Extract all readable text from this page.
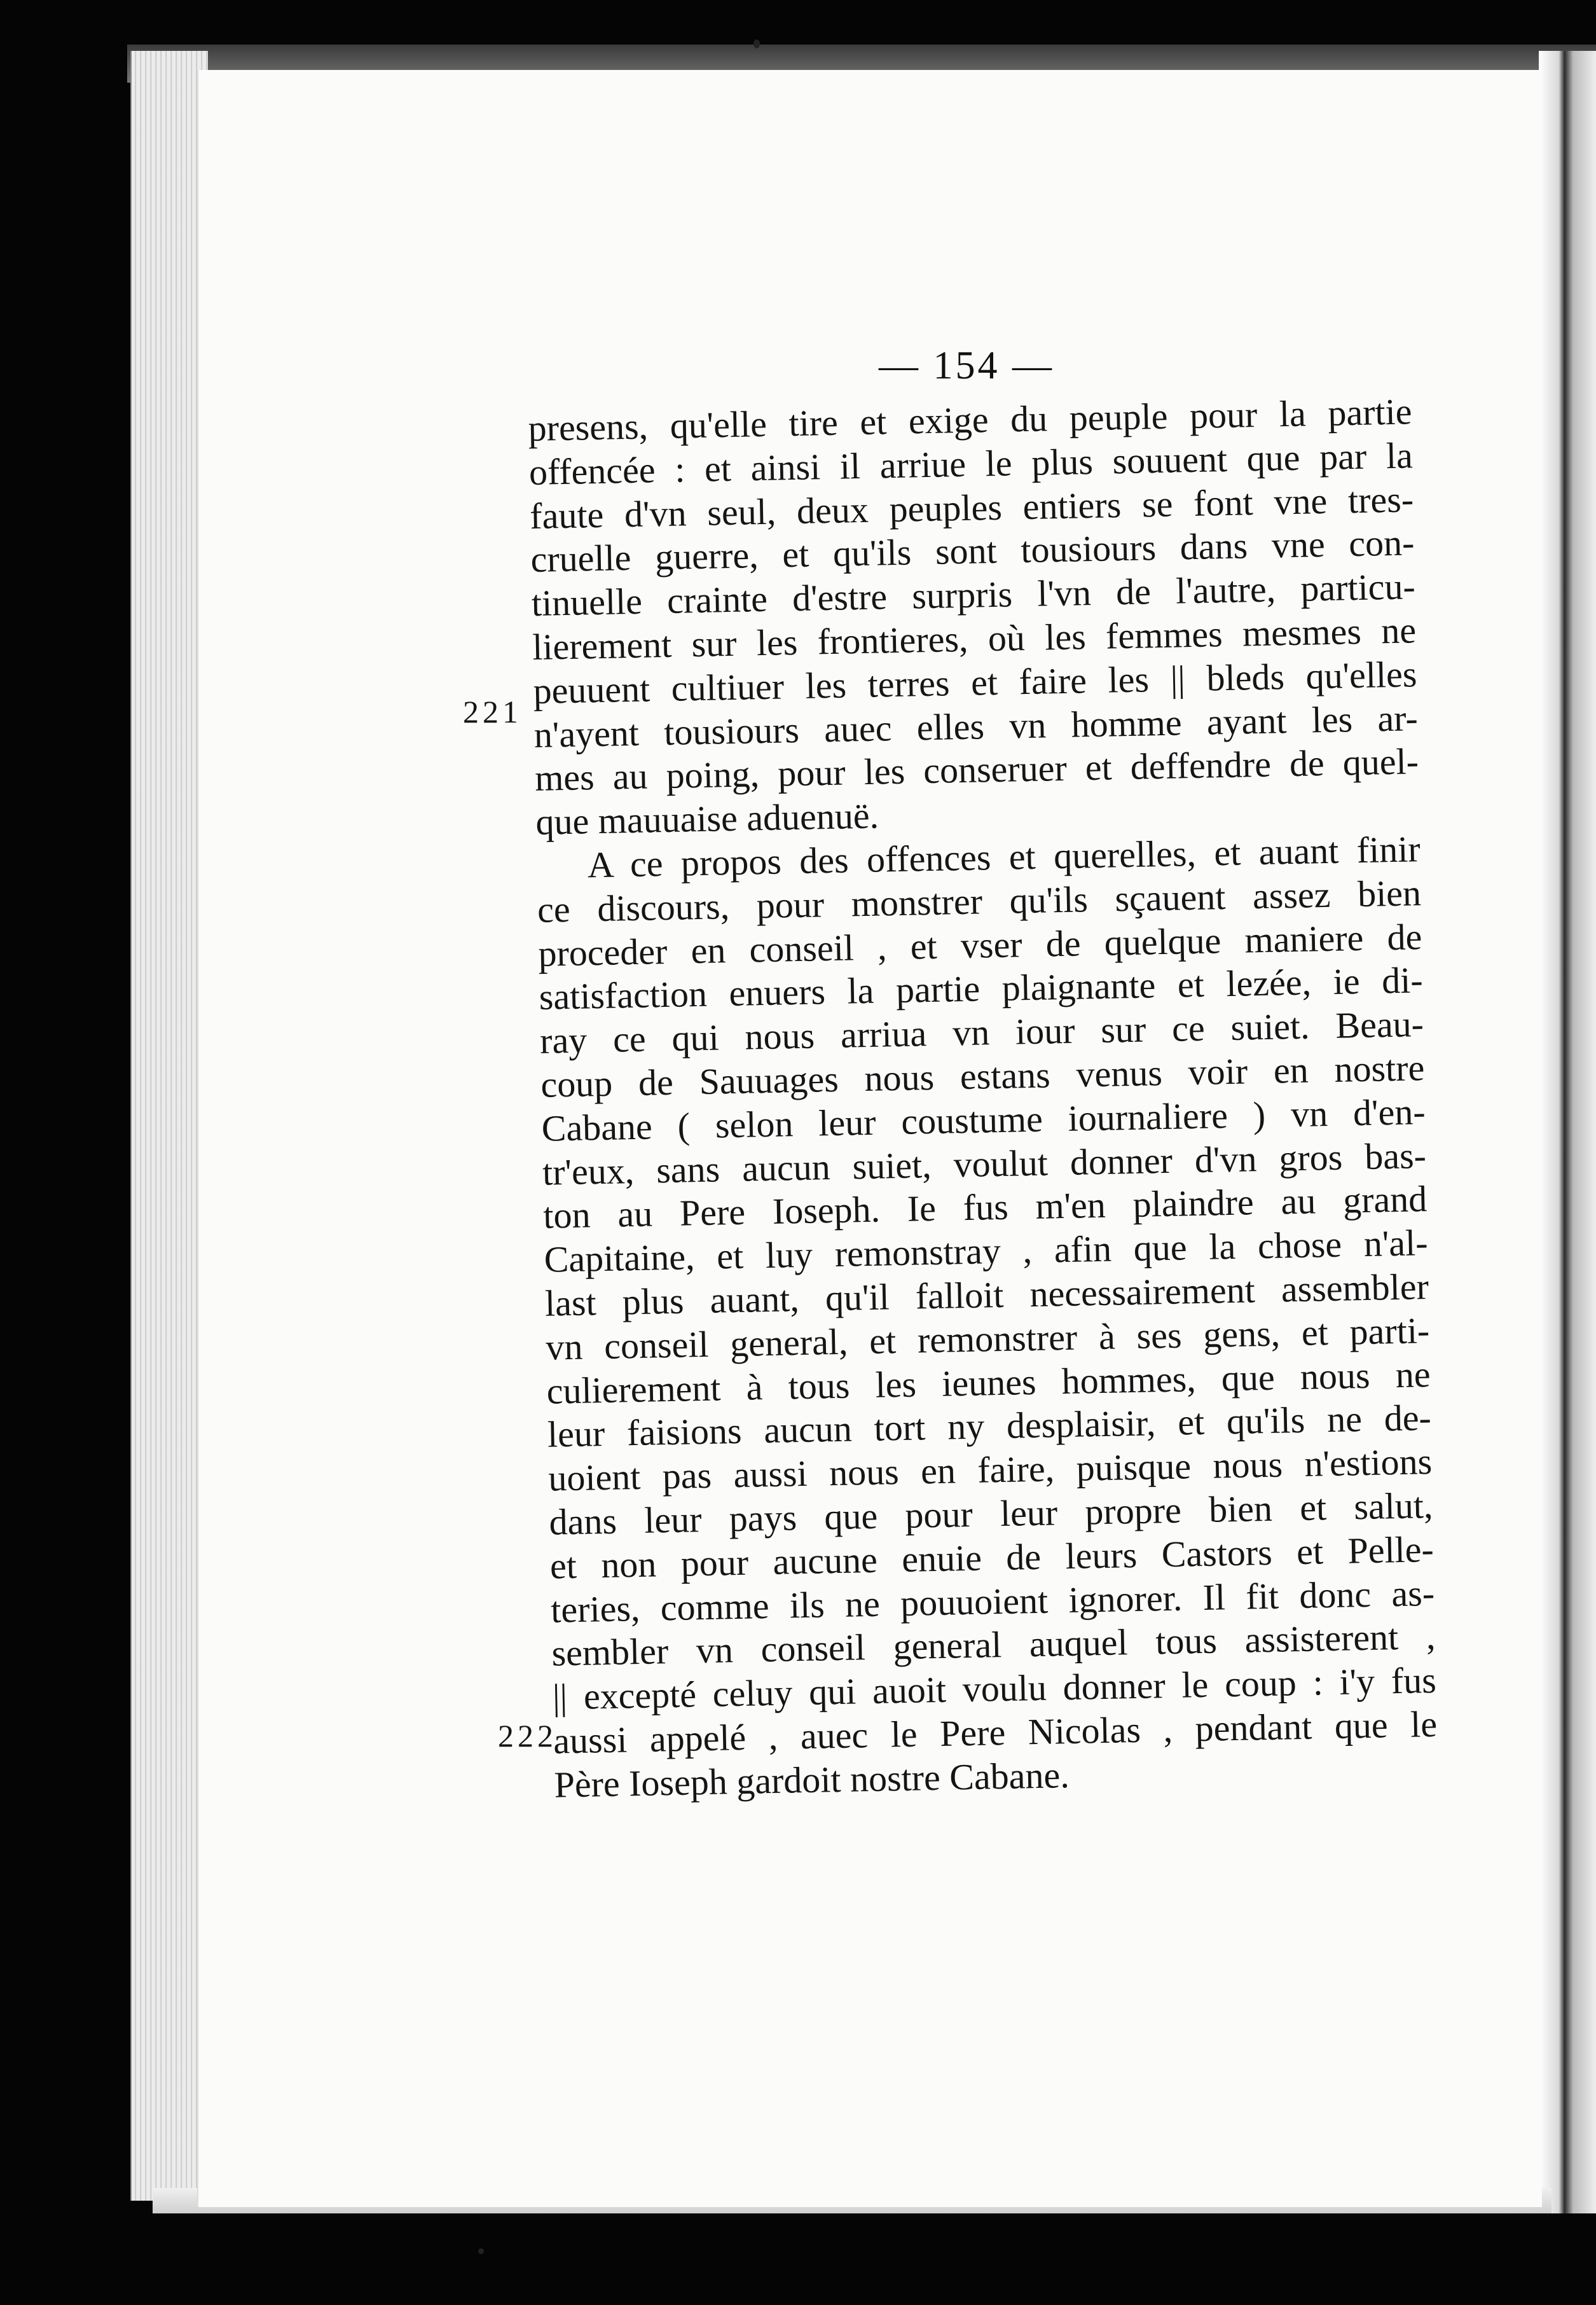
— 154 —
presens, qu'elle tire et exige du peuple pour la partie
offencée : et ainsi il arriue le plus souuent que par la
faute d'vn seul, deux peuples entiers se font vne tres-
cruelle guerre, et qu'ils sont tousiours dans vne con-
tinuelle crainte d'estre surpris l'vn de l'autre, particu-
lierement sur les frontieres, où les femmes mesmes ne
peuuent cultiuer les terres et faire les || bleds qu'elles
n'ayent tousiours auec elles vn homme ayant les ar-
mes au poing, pour les conseruer et deffendre de quel-
que mauuaise aduenuë.
A ce propos des offences et querelles, et auant finir
ce discours, pour monstrer qu'ils sçauent assez bien
proceder en conseil , et vser de quelque maniere de
satisfaction enuers la partie plaignante et lezée, ie di-
ray ce qui nous arriua vn iour sur ce suiet. Beau-
coup de Sauuages nous estans venus voir en nostre
Cabane ( selon leur coustume iournaliere ) vn d'en-
tr'eux, sans aucun suiet, voulut donner d'vn gros bas-
ton au Pere Ioseph. Ie fus m'en plaindre au grand
Capitaine, et luy remonstray , afin que la chose n'al-
last plus auant, qu'il falloit necessairement assembler
vn conseil general, et remonstrer à ses gens, et parti-
culierement à tous les ieunes hommes, que nous ne
leur faisions aucun tort ny desplaisir, et qu'ils ne de-
uoient pas aussi nous en faire, puisque nous n'estions
dans leur pays que pour leur propre bien et salut,
et non pour aucune enuie de leurs Castors et Pelle-
teries, comme ils ne pouuoient ignorer. Il fit donc as-
sembler vn conseil general auquel tous assisterent ,
|| excepté celuy qui auoit voulu donner le coup : i'y fus
aussi appelé , auec le Pere Nicolas , pendant que le
Père Ioseph gardoit nostre Cabane.
221
222
